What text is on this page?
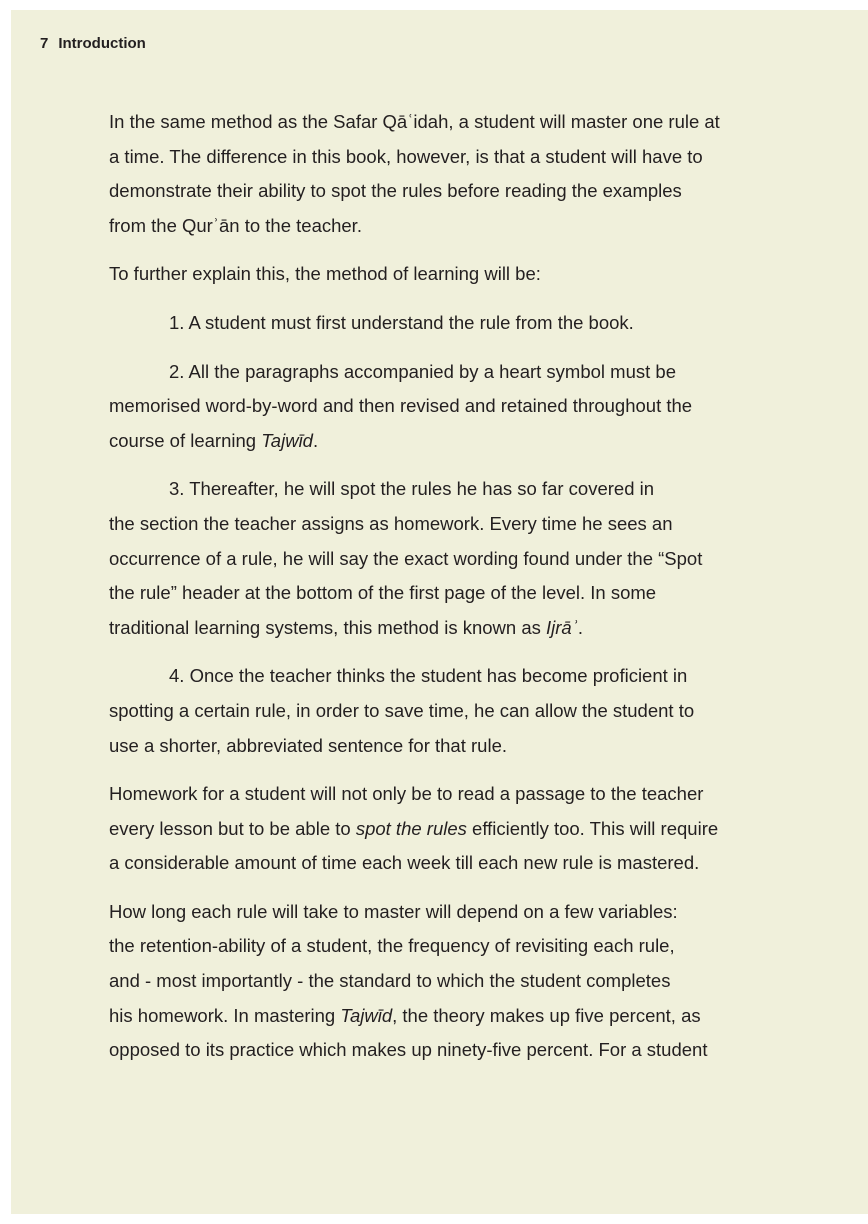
7 Introduction

In the same method as the Safar Qāʿidah, a student will master one rule at
a time. The difference in this book, however, is that a student will have to
demonstrate their ability to spot the rules before reading the examples
from the Qurʾān to the teacher.

To further explain this, the method of learning will be:

1. A student must first understand the rule from the book.

2. All the paragraphs accompanied by a heart symbol must be
memorised word-by-word and then revised and retained throughout the
course of learning Tajwīd.

3. Thereafter, he will spot the rules he has so far covered in
the section the teacher assigns as homework. Every time he sees an
occurrence of a rule, he will say the exact wording found under the “Spot
the rule” header at the bottom of the first page of the level. In some
traditional learning systems, this method is known as Ijrāʾ.

4. Once the teacher thinks the student has become proficient in
spotting a certain rule, in order to save time, he can allow the student to
use a shorter, abbreviated sentence for that rule.

Homework for a student will not only be to read a passage to the teacher
every lesson but to be able to spot the rules efficiently too. This will require
a considerable amount of time each week till each new rule is mastered.

How long each rule will take to master will depend on a few variables:
the retention-ability of a student, the frequency of revisiting each rule,
and - most importantly - the standard to which the student completes
his homework. In mastering Tajwīd, the theory makes up five percent, as
opposed to its practice which makes up ninety-five percent. For a student
